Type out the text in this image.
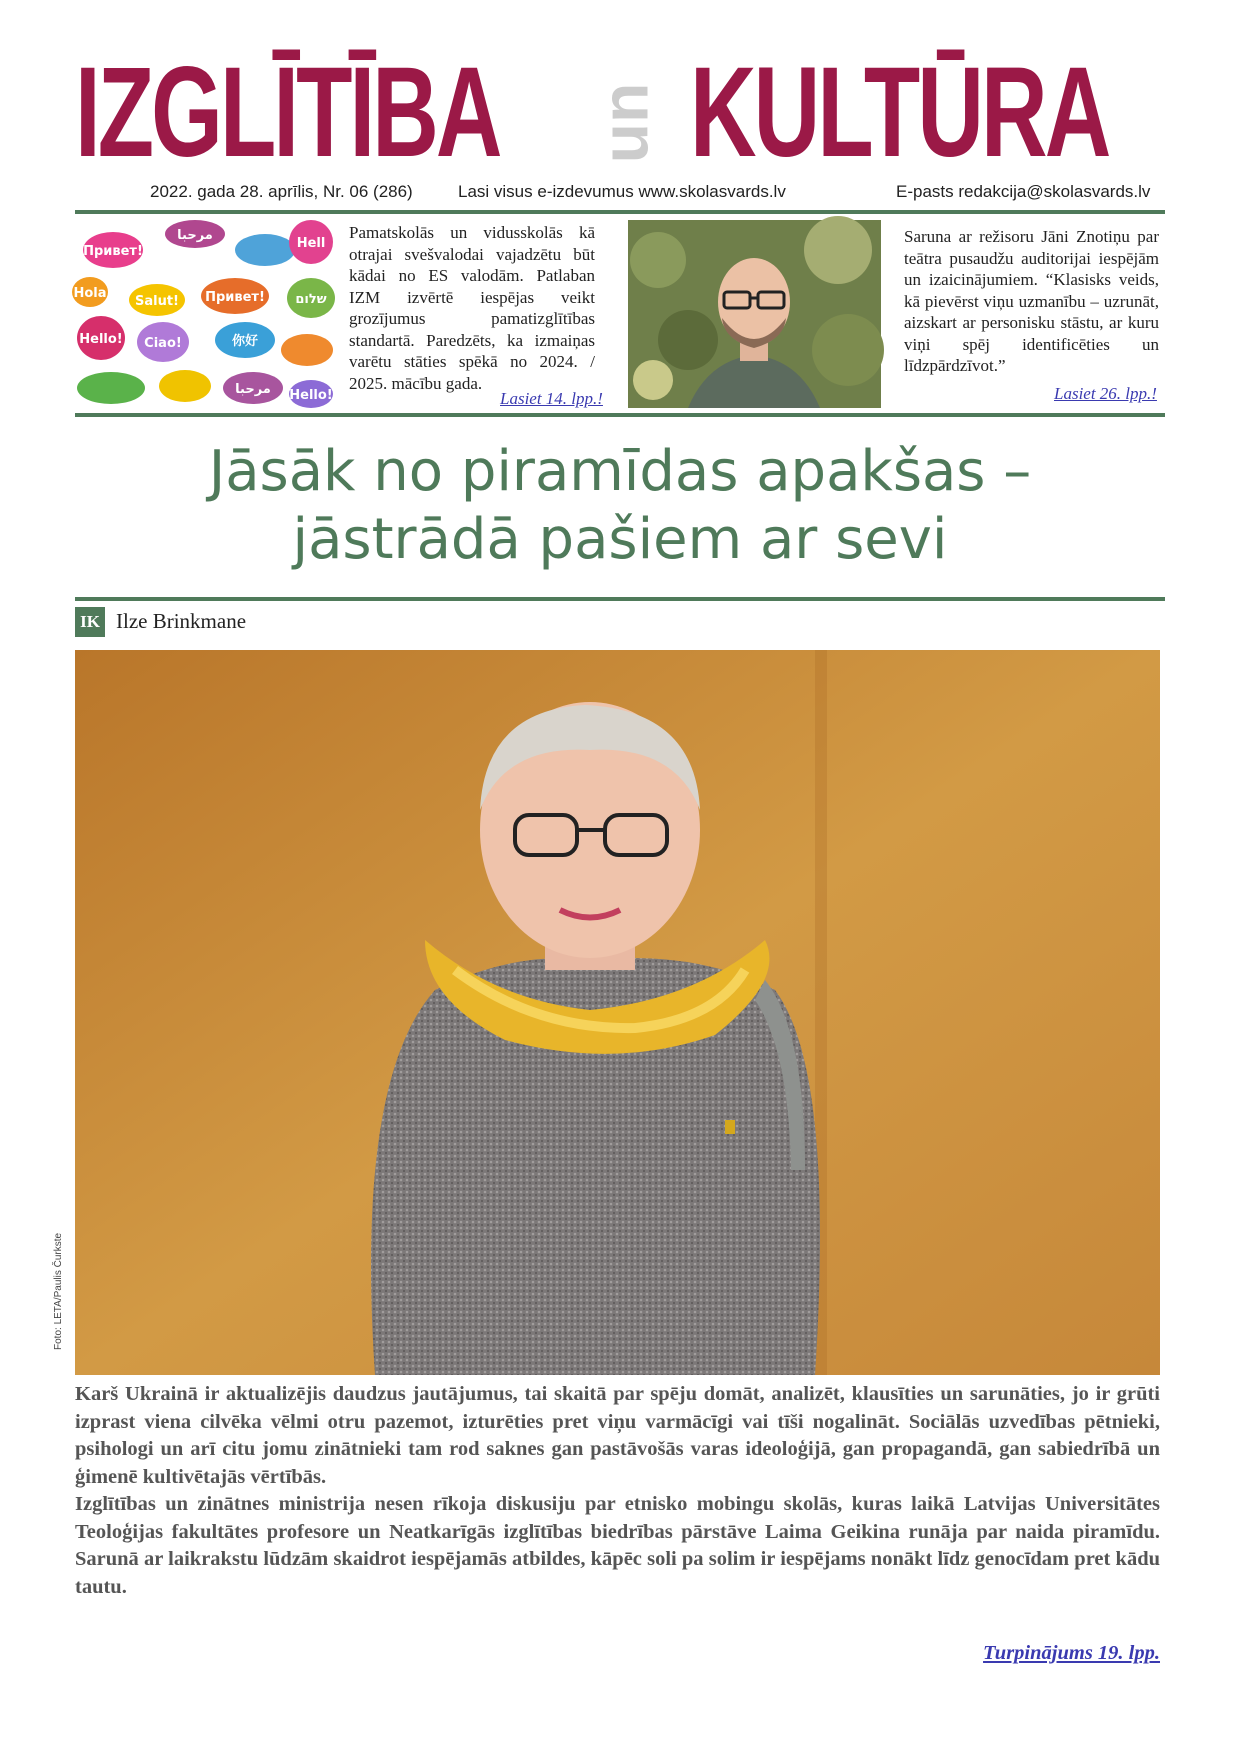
IZGLĪTĪBA un KULTŪRA
2022. gada 28. aprīlis, Nr. 06 (286)	Lasi visus e-izdevumus www.skolasvards.lv	E-pasts redakcija@skolasvards.lv
Привет!
Hell
Hola
Salut! Привет! שלום
Hello! Ciao!	你好
مرحبا
مرحبا Hello!
Pamatskolās un vidusskolās kā otrajai svešvalodai vajadzētu būt kādai no ES valodām. Patlaban IZM izvērtē iespējas veikt grozījumus pamatizglītības standartā. Paredzēts, ka izmaiņas varētu stāties spēkā no 2024. / 2025. mācību gada.
Lasiet 14. lpp.!
Saruna ar režisoru Jāni Znotiņu par teātra pusaudžu auditorijai iespējām un izaicinājumiem. “Klasisks veids, kā pievērst viņu uzmanību – uzrunāt, aizskart ar personisku stāstu, ar kuru viņi spēj identificēties un līdzpārdzīvot.”
Lasiet 26. lpp.!
Jāsāk no piramīdas apakšas –
jāstrādā pašiem ar sevi
IK Ilze Brinkmane
Foto: LETA/Paulis Čurkste

Karš Ukrainā ir aktualizējis daudzus jautājumus, tai skaitā par spēju domāt, analizēt, klausīties un sarunāties, jo ir grūti izprast viena cilvēka vēlmi otru pazemot, izturēties pret viņu varmācīgi vai tīši nogalināt. Sociālās uzvedības pētnieki, psihologi un arī citu jomu zinātnieki tam rod saknes gan pastāvošās varas ideoloģijā, gan propagandā, gan sabiedrībā un ģimenē kultivētajās vērtībās.

Izglītības un zinātnes ministrija nesen rīkoja diskusiju par etnisko mobingu skolās, kuras laikā Latvijas Universitātes Teoloģijas fakultātes profesore un Neatkarīgās izglītības biedrības pārstāve Laima Geikina runāja par naida piramīdu. Sarunā ar laikrakstu lūdzām skaidrot iespējamās atbildes, kāpēc soli pa solim ir iespējams nonākt līdz genocīdam pret kādu tautu.

Turpinājums 19. lpp.
